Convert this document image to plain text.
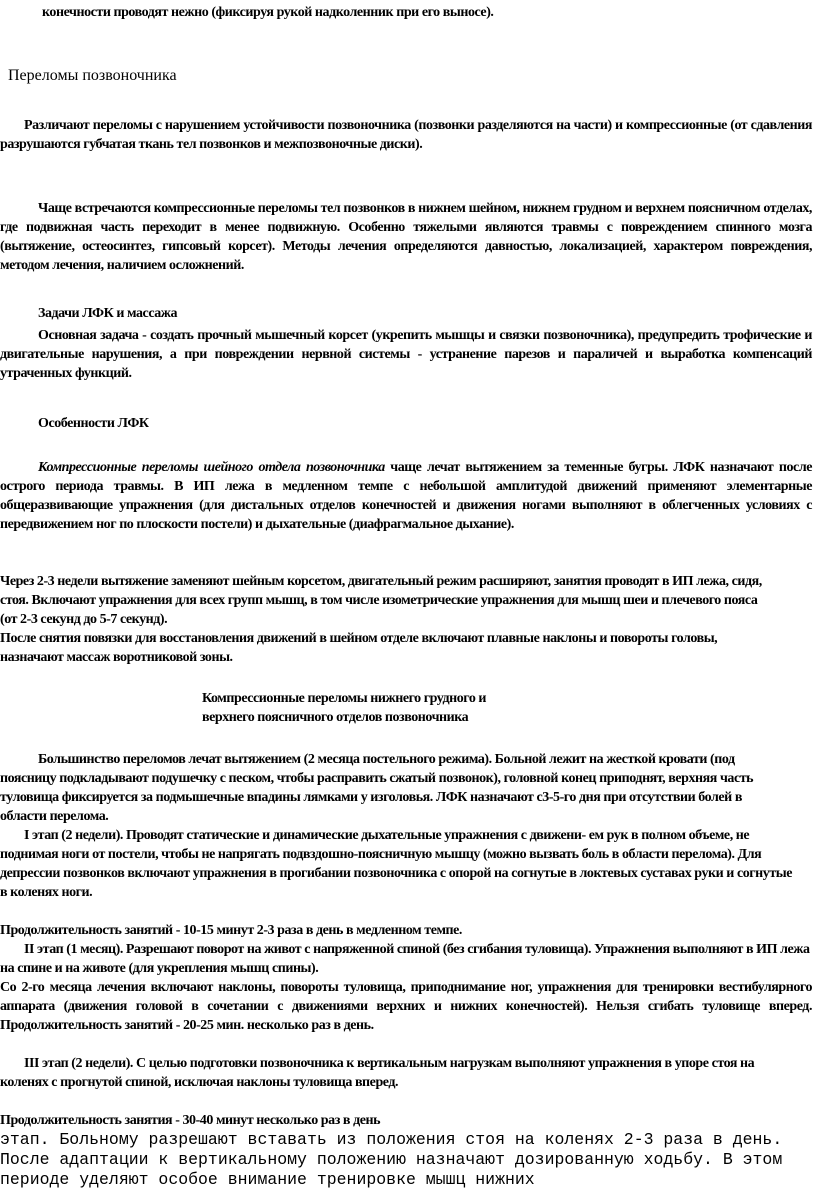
конечности проводят нежно (фиксируя рукой надколенник при его выносе).

Переломы позвоночника

Различают переломы с нарушением устойчивости позвоночника (позвонки разделяются на части) и компрессионные (от сдавления разрушаются губчатая ткань тел позвонков и межпозвоночные диски).

Чаще встречаются компрессионные переломы тел позвонков в нижнем шейном, нижнем грудном и верхнем поясничном отделах, где подвижная часть переходит в менее подвижную. Особенно тяжелыми являются травмы с повреждением спинного мозга (вытяжение, остеосинтез, гипсовый корсет). Методы лечения определяются давностью, локализацией, характером повреждения, методом лечения, наличием осложнений.

Задачи ЛФК и массажа

Основная задача - создать прочный мышечный корсет (укрепить мышцы и связки позвоночника), предупредить трофические и двигательные нарушения, а при повреждении нервной системы - устранение парезов и параличей и выработка компенсаций утраченных функций.

Особенности ЛФК

Компрессионные переломы шейного отдела позвоночника чаще лечат вытяжением за теменные бугры. ЛФК назначают после острого периода травмы. В ИП лежа в медленном темпе с небольшой амплитудой движений применяют элементарные общеразвивающие упражнения (для дистальных отделов конечностей и движения ногами выполняют в облегченных условиях с передвижением ног по плоскости постели) и дыхательные (диафрагмальное дыхание).

Через 2-3 недели вытяжение заменяют шейным корсетом, двигательный режим расширяют, занятия проводят в ИП лежа, сидя, стоя. Включают упражнения для всех групп мышц, в том числе изометрические упражнения для мышц шеи и плечевого пояса (от 2-3 секунд до 5-7 секунд).

После снятия повязки для восстановления движений в шейном отделе включают плавные наклоны и повороты головы, назначают массаж воротниковой зоны.

Компрессионные переломы нижнего грудного и

верхнего поясничного отделов позвоночника

Большинство переломов лечат вытяжением (2 месяца постельного режима). Больной лежит на жесткой кровати (под поясницу подкладывают подушечку с песком, чтобы расправить сжатый позвонок), головной конец приподнят, верхняя часть туловища фиксируется за подмышечные впадины лямками у изголовья. ЛФК назначают с3-5-го дня при отсутствии болей в области перелома.

I этап (2 недели). Проводят статические и динамические дыхательные упражнения с движени- ем рук в полном объеме, не поднимая ноги от постели, чтобы не напрягать подвздошно-поясничную мышцу (можно вызвать боль в области перелома). Для депрессии позвонков включают упражнения в прогибании позвоночника с опорой на согнутые в локтевых суставах руки и согнутые в коленях ноги.

Продолжительность занятий - 10-15 минут 2-3 раза в день в медленном темпе.

II этап (1 месяц). Разрешают поворот на живот с напряженной спиной (без сгибания туловища). Упражнения выполняют в ИП лежа на спине и на животе (для укрепления мышц спины).

Со 2-го месяца лечения включают наклоны, повороты туловища, приподнимание ног, упражнения для тренировки вестибулярного аппарата (движения головой в сочетании с движениями верхних и нижних конечностей). Нельзя сгибать туловище вперед. Продолжительность занятий - 20-25 мин. несколько раз в день.

III этап (2 недели). С целью подготовки позвоночника к вертикальным нагрузкам выполняют упражнения в упоре стоя на коленях с прогнутой спиной, исключая наклоны туловища вперед.

Продолжительность занятия - 30-40 минут несколько раз в день

этап. Больному разрешают вставать из положения стоя на коленях 2-3 раза в день. После адаптации к вертикальному положению назначают дозированную ходьбу. В этом периоде уделяют особое внимание тренировке мышц нижних
